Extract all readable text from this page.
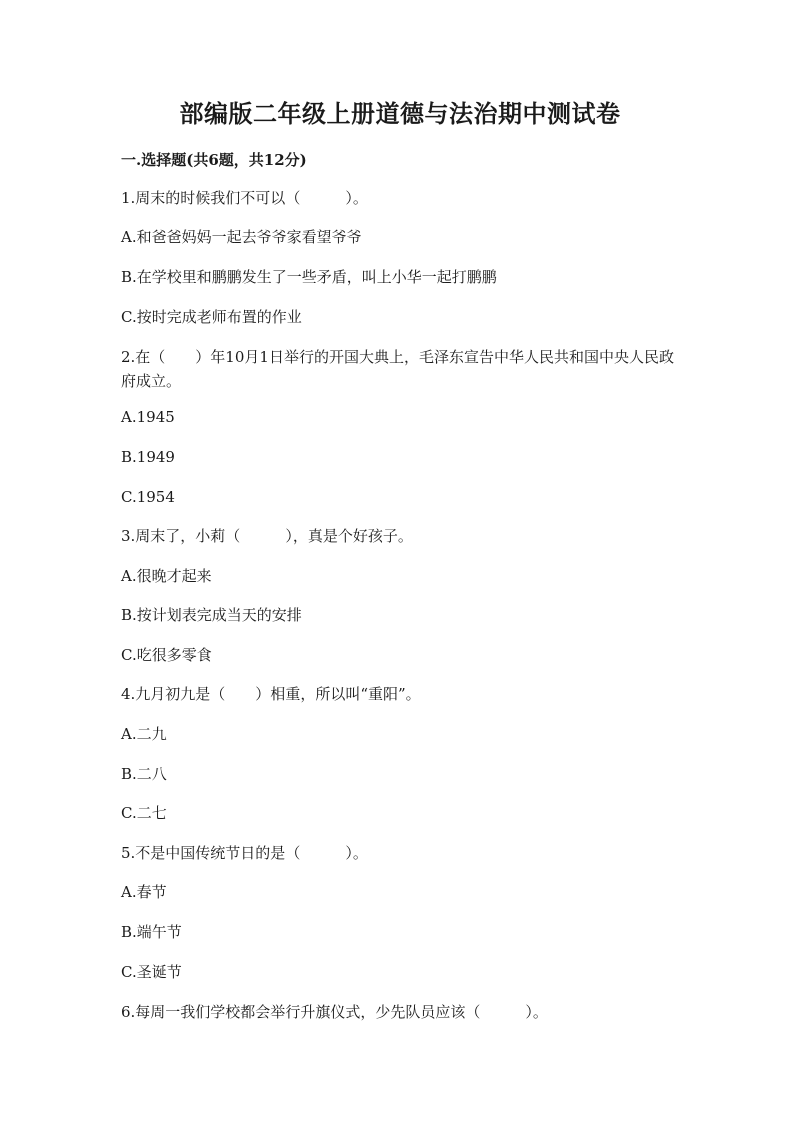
部编版二年级上册道德与法治期中测试卷
一.选择题(共6题，共12分)
1.周末的时候我们不可以（　　　）。
A.和爸爸妈妈一起去爷爷家看望爷爷
B.在学校里和鹏鹏发生了一些矛盾，叫上小华一起打鹏鹏
C.按时完成老师布置的作业
2.在（　　）年10月1日举行的开国大典上，毛泽东宣告中华人民共和国中央人民政府成立。
A.1945
B.1949
C.1954
3.周末了，小莉（　　　），真是个好孩子。
A.很晚才起来
B.按计划表完成当天的安排
C.吃很多零食
4.九月初九是（　　）相重，所以叫“重阳”。
A.二九
B.二八
C.二七
5.不是中国传统节日的是（　　　）。
A.春节
B.端午节
C.圣诞节
6.每周一我们学校都会举行升旗仪式，少先队员应该（　　　）。
